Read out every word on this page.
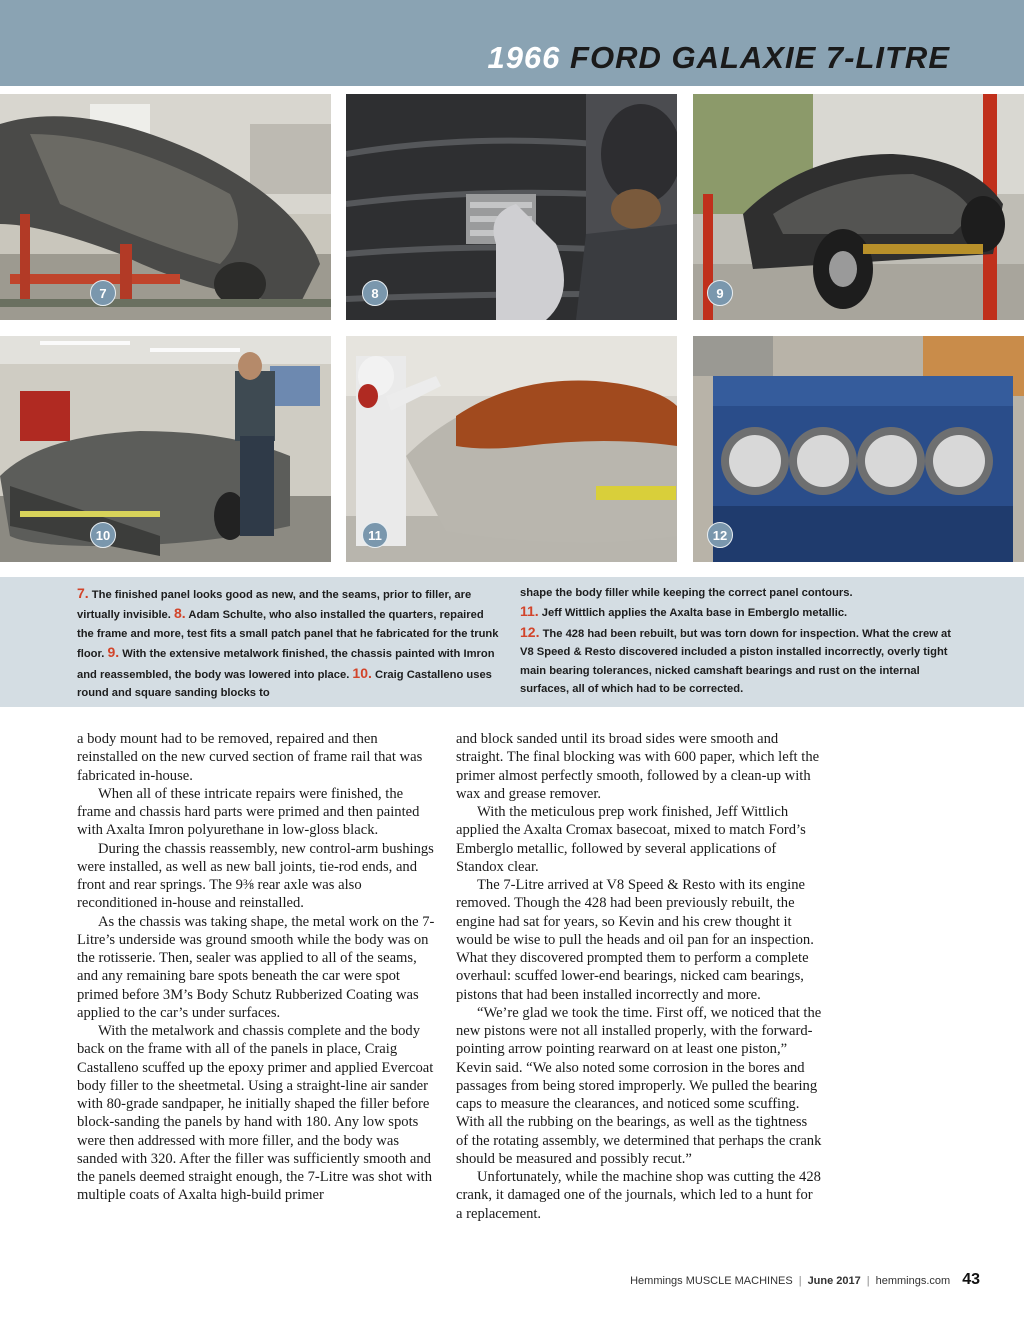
1966 FORD GALAXIE 7-LITRE
7	8	9
10	11	12
7. The finished panel looks good as new, and the seams, prior to filler, are virtually invisible. 8. Adam Schulte, who also installed the quarters, repaired the frame and more, test fits a small patch panel that he fabricated for the trunk floor. 9. With the extensive metalwork finished, the chassis painted with Imron and reassembled, the body was lowered into place. 10. Craig Castalleno uses round and square sanding blocks to
shape the body filler while keeping the correct panel contours.
11. Jeff Wittlich applies the Axalta base in Emberglo metallic.
12. The 428 had been rebuilt, but was torn down for inspection. What the crew at V8 Speed & Resto discovered included a piston installed incorrectly, overly tight main bearing tolerances, nicked camshaft bearings and rust on the internal surfaces, all of which had to be corrected.

a body mount had to be removed, repaired and then reinstalled on the new curved section of frame rail that was fabricated in-house.

When all of these intricate repairs were finished, the frame and chassis hard parts were primed and then painted with Axalta Imron polyurethane in low-gloss black.

During the chassis reassembly, new control-arm bushings were installed, as well as new ball joints, tie-rod ends, and front and rear springs. The 9⅜ rear axle was also reconditioned in-house and reinstalled.

As the chassis was taking shape, the metal work on the 7-Litre’s underside was ground smooth while the body was on the rotisserie. Then, sealer was applied to all of the seams, and any remaining bare spots beneath the car were spot primed before 3M’s Body Schutz Rubberized Coating was applied to the car’s under surfaces.

With the metalwork and chassis complete and the body back on the frame with all of the panels in place, Craig Castalleno scuffed up the epoxy primer and applied Evercoat body filler to the sheetmetal. Using a straight-line air sander with 80-grade sandpaper, he initially shaped the filler before block-sanding the panels by hand with 180. Any low spots were then addressed with more filler, and the body was sanded with 320. After the filler was sufficiently smooth and the panels deemed straight enough, the 7-Litre was shot with multiple coats of Axalta high-build primer

and block sanded until its broad sides were smooth and straight. The final blocking was with 600 paper, which left the primer almost perfectly smooth, followed by a clean-up with wax and grease remover.

With the meticulous prep work finished, Jeff Wittlich applied the Axalta Cromax basecoat, mixed to match Ford’s Emberglo metallic, followed by several applications of Standox clear.

The 7-Litre arrived at V8 Speed & Resto with its engine removed. Though the 428 had been previously rebuilt, the engine had sat for years, so Kevin and his crew thought it would be wise to pull the heads and oil pan for an inspection. What they discovered prompted them to perform a complete overhaul: scuffed lower-end bearings, nicked cam bearings, pistons that had been installed incorrectly and more.

“We’re glad we took the time. First off, we noticed that the new pistons were not all installed properly, with the forward-pointing arrow pointing rearward on at least one piston,” Kevin said. “We also noted some corrosion in the bores and passages from being stored improperly. We pulled the bearing caps to measure the clearances, and noticed some scuffing. With all the rubbing on the bearings, as well as the tightness of the rotating assembly, we determined that perhaps the crank should be measured and possibly recut.”

Unfortunately, while the machine shop was cutting the 428 crank, it damaged one of the journals, which led to a hunt for a replacement.

Hemmings MUSCLE MACHINES | June 2017 | hemmings.com 43
